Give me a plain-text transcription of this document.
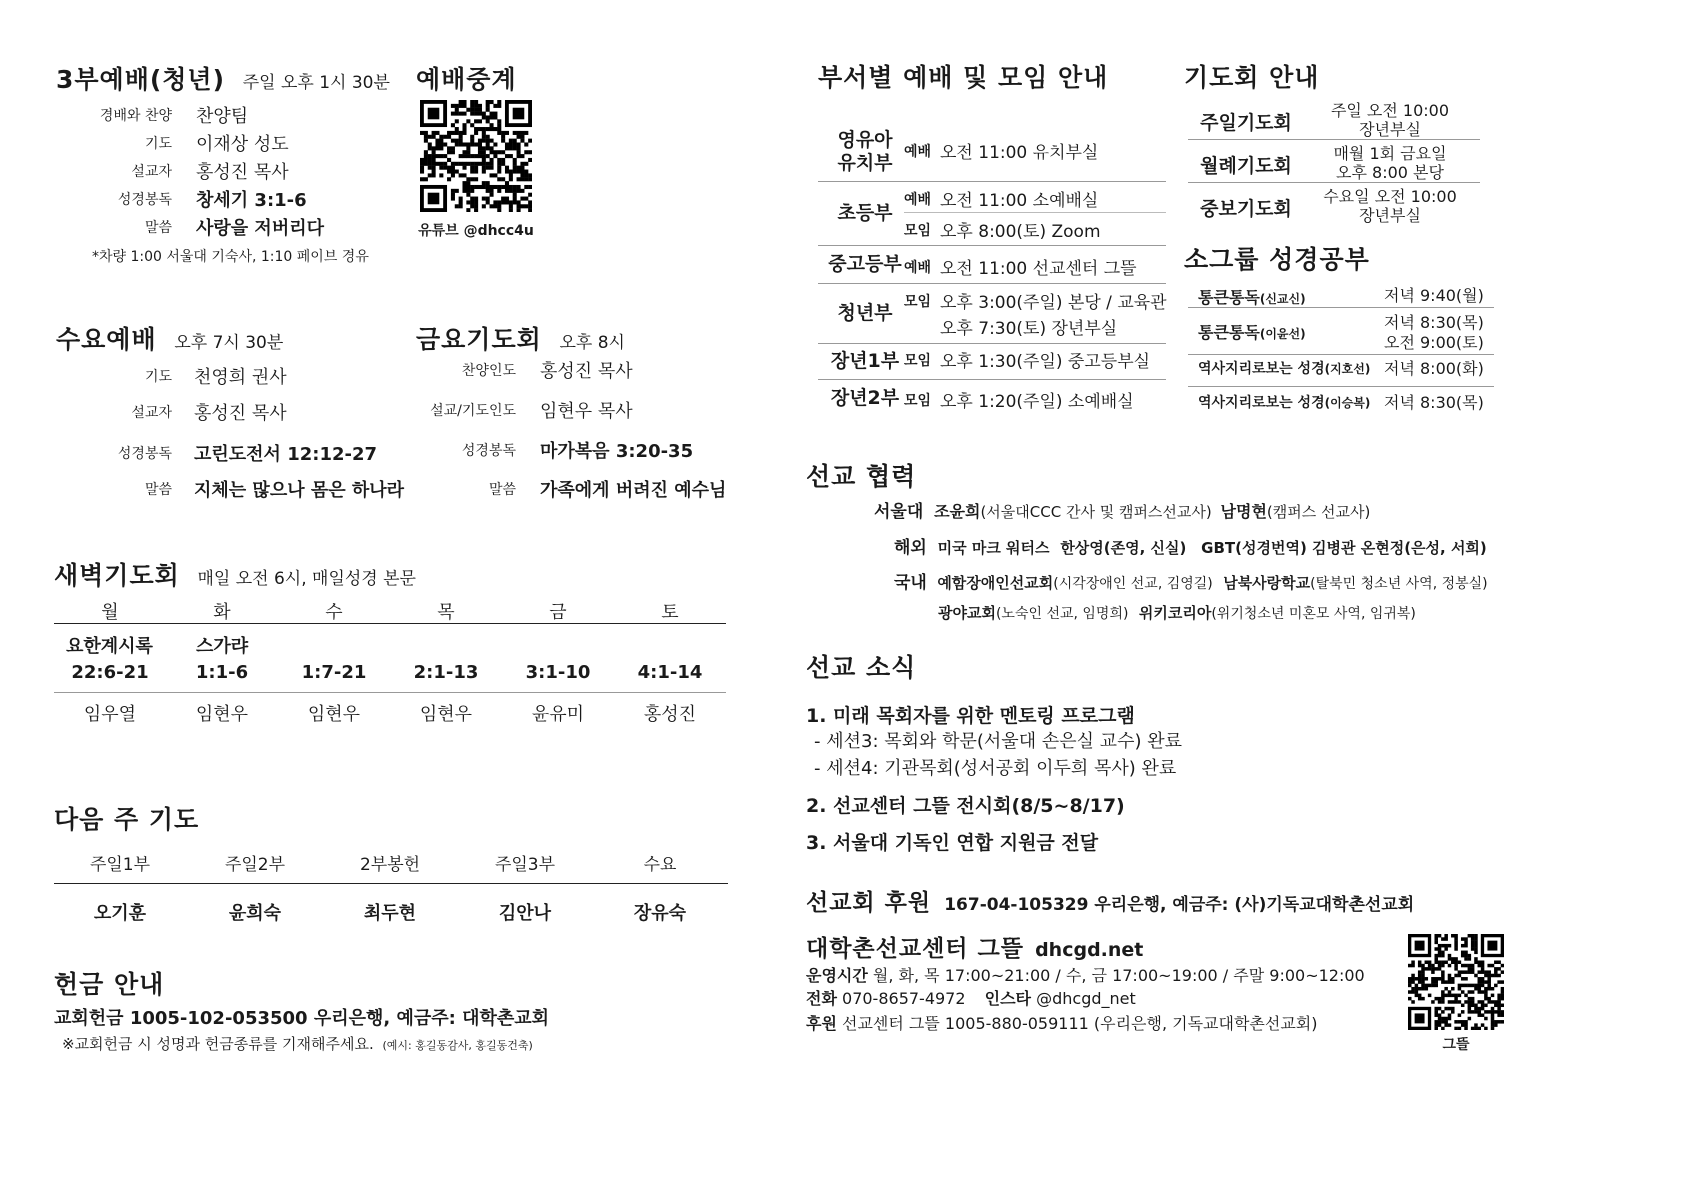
3부예배(청년) 주일 오후 1시 30분
경배와 찬양 찬양팀
기도 이재상 성도
설교자 홍성진 목사
성경봉독 창세기 3:1-6
말씀 사랑을 저버리다
*차량 1:00 서울대 기숙사, 1:10 페이브 경유
예배중계
유튜브 @dhcc4u
수요예배 오후 7시 30분
기도 천영희 권사
설교자 홍성진 목사
성경봉독 고린도전서 12:12-27
말씀 지체는 많으나 몸은 하나라
금요기도회 오후 8시
찬양인도 홍성진 목사
설교/기도인도 임현우 목사
성경봉독 마가복음 3:20-35
말씀 가족에게 버려진 예수님
새벽기도회 매일 오전 6시, 매일성경 본문
월
요한계시록
22:6-21
임우열
화
스가랴
1:1-6
임현우
수
1:7-21
임현우
목
2:1-13
임현우
금
3:1-10
윤유미
토
4:1-14
홍성진
다음 주 기도
주일1부
오기훈
주일2부
윤희숙
2부봉헌
최두현
주일3부
김안나
수요
장유숙
헌금 안내
교회헌금 1005-102-053500 우리은행, 예금주: 대학촌교회
※교회헌금 시 성명과 헌금종류를 기재해주세요. (예시: 홍길동감사, 홍길동건축)
부서별 예배 및 모임 안내
영유아
유치부 예배 오전 11:00 유치부실
초등부
예배 오전 11:00 소예배실
모임 오후 8:00(토) Zoom
중고등부 예배 오전 11:00 선교센터 그뜰
청년부 모임 오후 3:00(주일) 본당 / 교육관
오후 7:30(토) 장년부실
장년1부 모임 오후 1:30(주일) 중고등부실
장년2부 모임 오후 1:20(주일) 소예배실
기도회 안내
주일기도회
주일 오전 10:00
장년부실
월례기도회
매월 1회 금요일
오후 8:00 본당
중보기도회
수요일 오전 10:00
장년부실
소그룹 성경공부
통큰통독(신교신)	저녁 9:40(월)
통큰통독(이윤선)
저녁 8:30(목)
오전 9:00(토)
역사지리로보는 성경(지호선) 저녁 8:00(화)
역사지리로보는 성경(이승복) 저녁 8:30(목)
선교 협력
서울대 조윤희(서울대CCC 간사 및 캠퍼스선교사) 남명현(캠퍼스 선교사)
해외 미국 마크 워터스 한상영(존영, 신실) GBT(성경번역) 김병관 온현정(은성, 서희)
국내 예함장애인선교회(시각장애인 선교, 김영길) 남북사랑학교(탈북민 청소년 사역, 정봉실)
광야교회(노숙인 선교, 임명희) 위키코리아(위기청소년 미혼모 사역, 임귀복)
선교 소식
1. 미래 목회자를 위한 멘토링 프로그램
- 세션3: 목회와 학문(서울대 손은실 교수) 완료
- 세션4: 기관목회(성서공회 이두희 목사) 완료
2. 선교센터 그뜰 전시회(8/5~8/17)
3. 서울대 기독인 연합 지원금 전달
선교회 후원 167-04-105329 우리은행, 예금주: (사)기독교대학촌선교회
대학촌선교센터 그뜰 dhcgd.net
운영시간 월, 화, 목 17:00~21:00 / 수, 금 17:00~19:00 / 주말 9:00~12:00
전화 070-8657-4972 인스타 @dhcgd_net
후원 선교센터 그뜰 1005-880-059111 (우리은행, 기독교대학촌선교회)
그뜰
